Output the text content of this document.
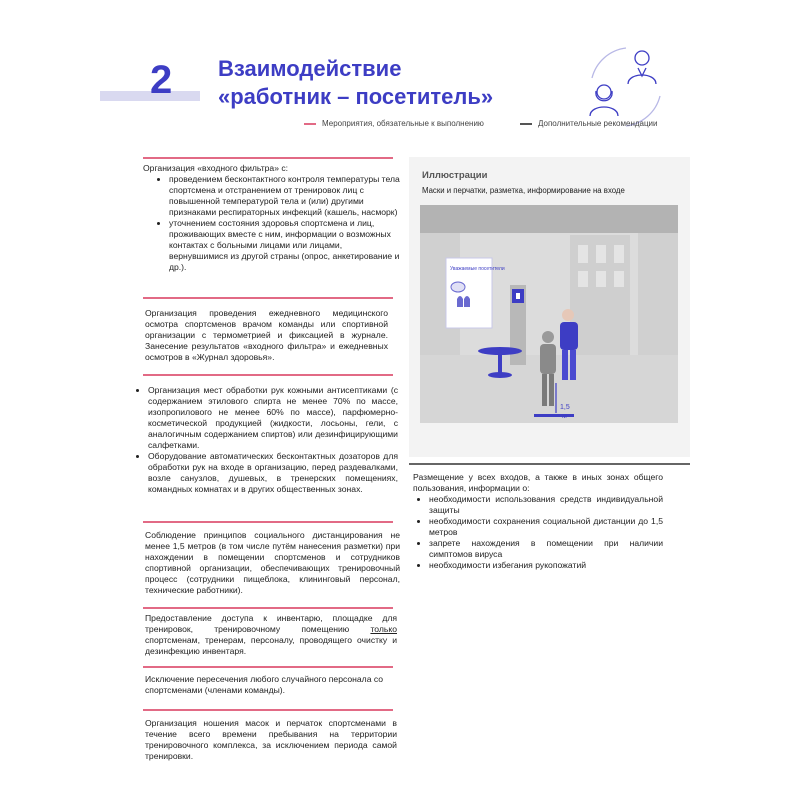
2 Взаимодействие
«работник – посетитель»
Мероприятия, обязательные к выполнению	Дополнительные рекомендации
Организация «входного фильтра» с:
• проведением бесконтактного контроля температуры тела спортсмена и отстранением от тренировок лиц с повышенной температурой тела и (или) другими признаками респираторных инфекций (кашель, насморк)
• уточнением состояния здоровья спортсмена и лиц, проживающих вместе с ним, информации о возможных контактах с больными лицами или лицами, вернувшимися из другой страны (опрос, анкетирование и др.).
Организация проведения ежедневного медицинского осмотра спортсменов врачом команды или спортивной организации с термометрией и фиксацией в журнале. Занесение результатов «входного фильтра» и ежедневных осмотров в «Журнал здоровья».
• Организация мест обработки рук кожными антисептиками (с содержанием этилового спирта не менее 70% по массе, изопропилового не менее 60% по массе), парфюмерно-косметической продукцией (жидкости, лосьоны, гели, с аналогичным содержанием спиртов) или дезинфицирующими салфетками.
• Оборудование автоматических бесконтактных дозаторов для обработки рук на входе в организацию, перед раздевалками, возле санузлов, душевых, в тренерских помещениях, командных комнатах и в других общественных зонах.
Соблюдение принципов социального дистанцирования не менее 1,5 метров (в том числе путём нанесения разметки) при нахождении в помещении спортсменов и сотрудников спортивной организации, обеспечивающих тренировочный процесс (сотрудники пищеблока, клининговый персонал, технические работники).
Предоставление доступа к инвентарю, площадке для тренировок, тренировочному помещению только спортсменам, тренерам, персоналу, проводящего очистку и дезинфекцию инвентаря.
Исключение пересечения любого случайного персонала со спортсменами (членами команды).
Организация ношения масок и перчаток спортсменами в течение всего времени пребывания на территории тренировочного комплекса, за исключением периода самой тренировки.
Иллюстрации
Маски и перчатки, разметка, информирование на входе
Уважаемые посетители
1,5
м
Размещение у всех входов, а также в иных зонах общего пользования, информации о:
• необходимости использования средств индивидуальной защиты
• необходимости сохранения социальной дистанции до 1,5 метров
• запрете нахождения в помещении при наличии симптомов вируса
• необходимости избегания рукопожатий
